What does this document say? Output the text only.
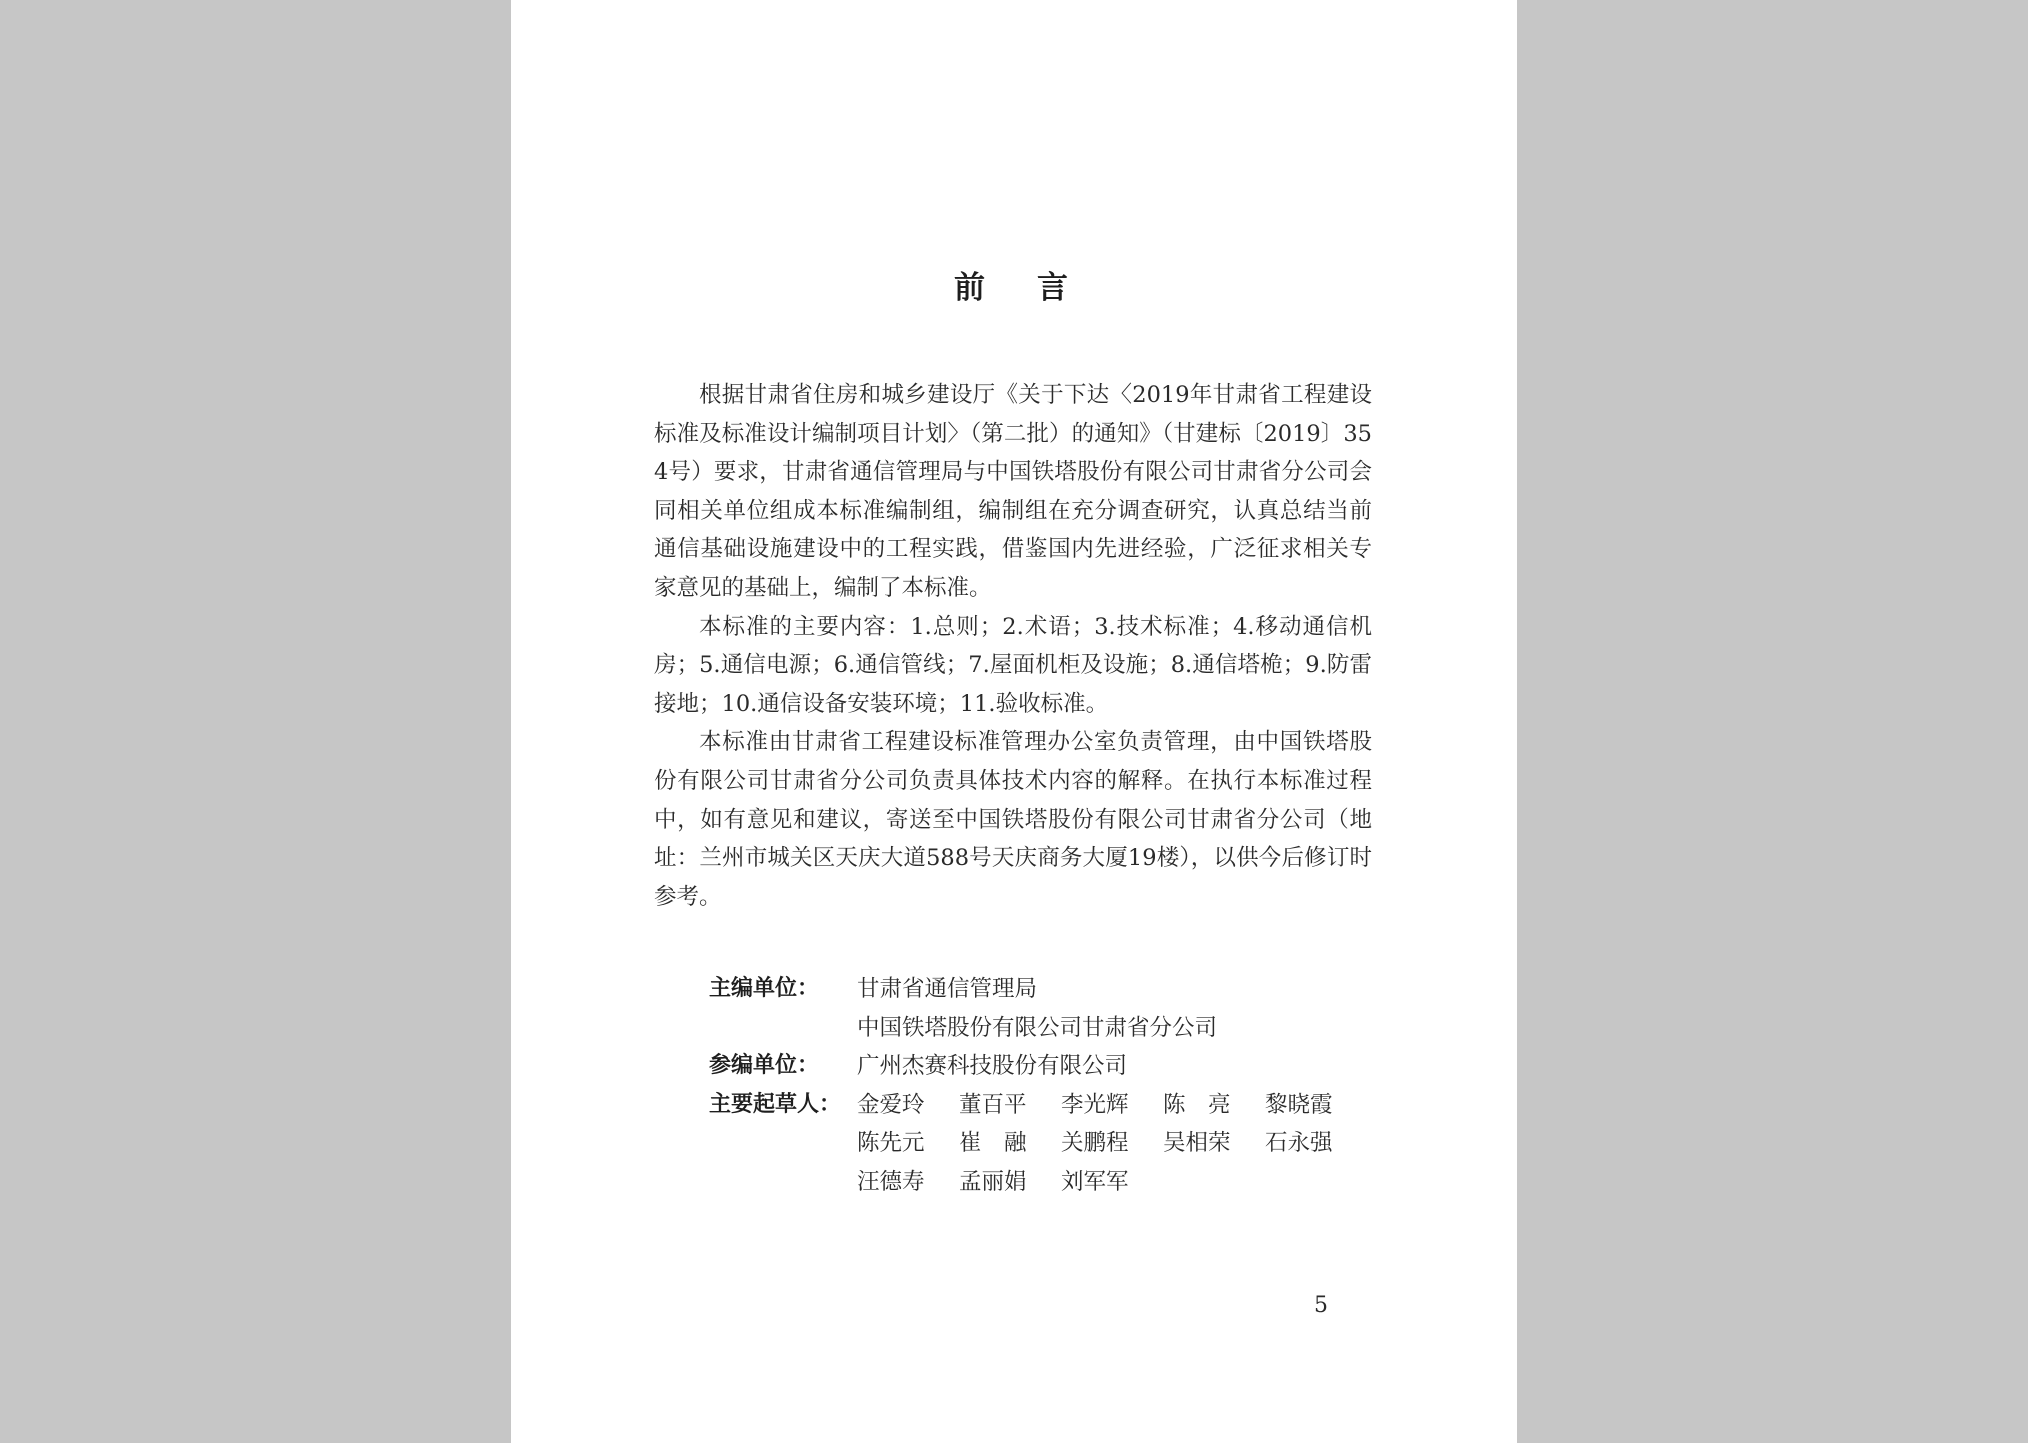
前 言

根据甘肃省住房和城乡建设厅《关于下达〈2019年甘肃省工程建设标准及标准设计编制项目计划〉（第二批）的通知》（甘建标〔2019〕354号）要求，甘肃省通信管理局与中国铁塔股份有限公司甘肃省分公司会同相关单位组成本标准编制组，编制组在充分调查研究，认真总结当前通信基础设施建设中的工程实践，借鉴国内先进经验，广泛征求相关专家意见的基础上，编制了本标准。

本标准的主要内容：1.总则；2.术语；3.技术标准；4.移动通信机房；5.通信电源；6.通信管线；7.屋面机柜及设施；8.通信塔桅；9.防雷接地；10.通信设备安装环境；11.验收标准。

本标准由甘肃省工程建设标准管理办公室负责管理，由中国铁塔股份有限公司甘肃省分公司负责具体技术内容的解释。在执行本标准过程中，如有意见和建议，寄送至中国铁塔股份有限公司甘肃省分公司（地址：兰州市城关区天庆大道588号天庆商务大厦19楼），以供今后修订时参考。

主编单位：	甘肃省通信管理局
中国铁塔股份有限公司甘肃省分公司
参编单位：	广州杰赛科技股份有限公司
主要起草人： 金爱玲	董百平	李光辉	陈　亮	黎晓霞
陈先元	崔　融	关鹏程	吴相荣	石永强
汪德寿	孟丽娟	刘军军
5
